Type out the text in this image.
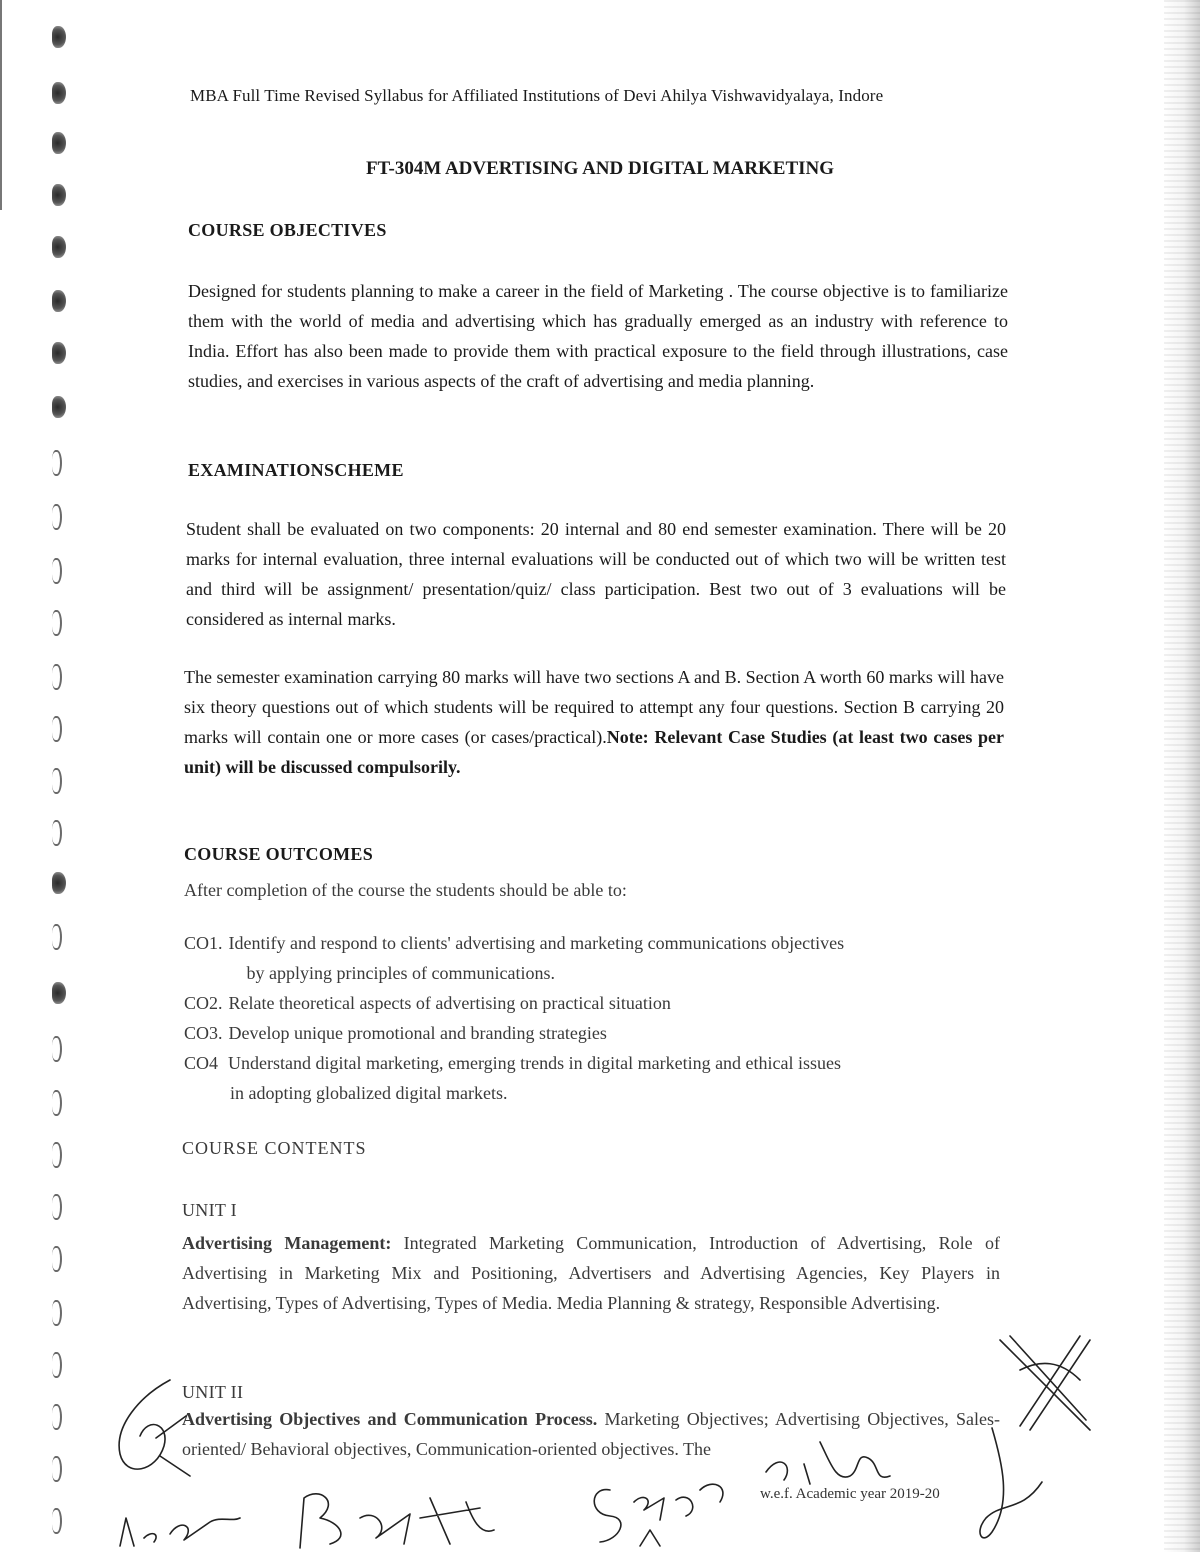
MBA Full Time Revised Syllabus for Affiliated Institutions of Devi Ahilya Vishwavidyalaya, Indore
FT-304M ADVERTISING AND DIGITAL MARKETING
COURSE OBJECTIVES
Designed for students planning to make a career in the field of Marketing . The course objective is to familiarize them with the world of media and advertising which has gradually emerged as an industry with reference to India. Effort has also been made to provide them with practical exposure to the field through illustrations, case studies, and exercises in various aspects of the craft of advertising and media planning.
EXAMINATIONSCHEME
Student shall be evaluated on two components: 20 internal and 80 end semester examination. There will be 20 marks for internal evaluation, three internal evaluations will be conducted out of which two will be written test and third will be assignment/ presentation/quiz/ class participation. Best two out of 3 evaluations will be considered as internal marks.
The semester examination carrying 80 marks will have two sections A and B. Section A worth 60 marks will have six theory questions out of which students will be required to attempt any four questions. Section B carrying 20 marks will contain one or more cases (or cases/practical).Note: Relevant Case Studies (at least two cases per unit) will be discussed compulsorily.
COURSE OUTCOMES
After completion of the course the students should be able to:
CO1. Identify and respond to clients' advertising and marketing communications objectives
by applying principles of communications.
CO2. Relate theoretical aspects of advertising on practical situation
CO3. Develop unique promotional and branding strategies
CO4 Understand digital marketing, emerging trends in digital marketing and ethical issues
in adopting globalized digital markets.
COURSE CONTENTS
UNIT I
Advertising Management: Integrated Marketing Communication, Introduction of Advertising, Role of Advertising in Marketing Mix and Positioning, Advertisers and Advertising Agencies, Key Players in Advertising, Types of Advertising, Types of Media. Media Planning & strategy, Responsible Advertising.
UNIT II
Advertising Objectives and Communication Process. Marketing Objectives; Advertising Objectives, Sales-oriented/ Behavioral objectives, Communication-oriented objectives. The
w.e.f. Academic year 2019-20
